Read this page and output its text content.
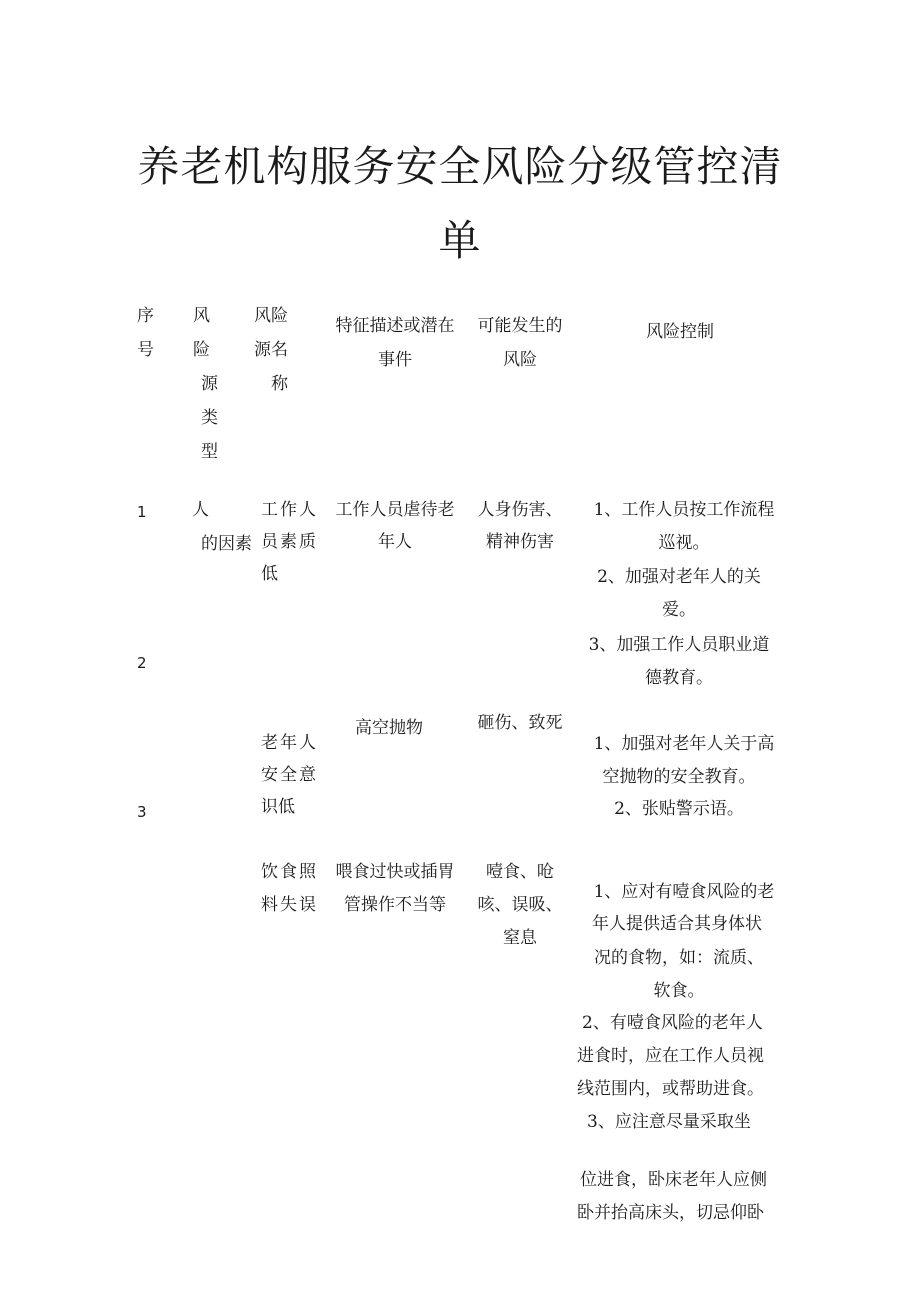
养老机构服务安全风险分级管控清
单
序
号
风
险
源
类
型
风险
源名
称
特征描述或潜在
事件
可能发生的
风险
风险控制
1
2
3
人
的因素
工作人
员素质
低
工作人员虐待老
年人
人身伤害、
精神伤害
1、工作人员按工作流程
巡视。
2、加强对老年人的关
爱。
3、加强工作人员职业道
德教育。
老年人
安全意
识低
高空抛物	砸伤、致死
1、加强对老年人关于高
空抛物的安全教育。
2、张贴警示语。
饮食照
料失误
喂食过快或插胃
管操作不当等
噎食、呛
咳、误吸、
窒息
1、应对有噎食风险的老
年人提供适合其身体状
况的食物，如：流质、
软食。
2、有噎食风险的老年人
进食时，应在工作人员视
线范围内，或帮助进食。
3、应注意尽量采取坐
位进食，卧床老年人应侧
卧并抬高床头，切忌仰卧
